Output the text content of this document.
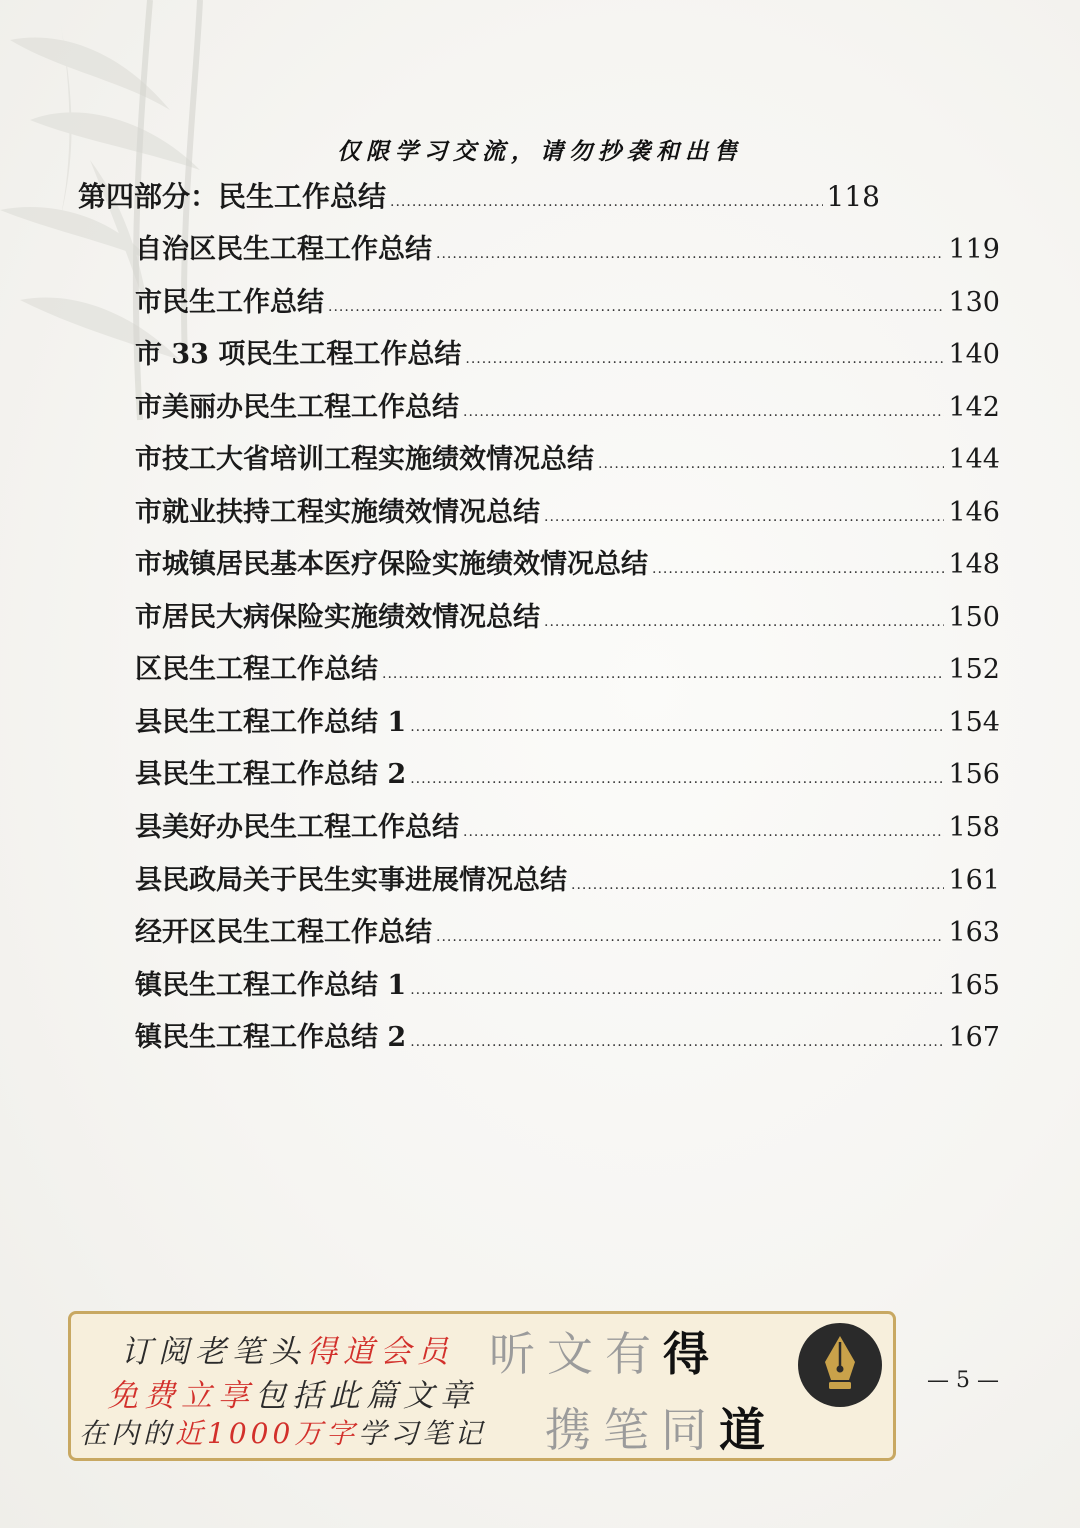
仅限学习交流，请勿抄袭和出售
第四部分：民生工作总结 .....	118
自治区民生工程工作总结 .....	119
市民生工作总结 .....	130
市 33 项民生工程工作总结 .....	140
市美丽办民生工程工作总结 .....	142
市技工大省培训工程实施绩效情况总结 .....	144
市就业扶持工程实施绩效情况总结 .....	146
市城镇居民基本医疗保险实施绩效情况总结 .....	148
市居民大病保险实施绩效情况总结 .....	150
区民生工程工作总结 .....	152
县民生工程工作总结 1 .....	154
县民生工程工作总结 2 .....	156
县美好办民生工程工作总结 .....	158
县民政局关于民生实事进展情况总结 .....	161
经开区民生工程工作总结 .....	163
镇民生工程工作总结 1 .....	165
镇民生工程工作总结 2 .....	167
订阅老笔头得道会员
免费立享包括此篇文章
在内的近1000万字学习笔记
听文有得
携笔同道
— 5 —
